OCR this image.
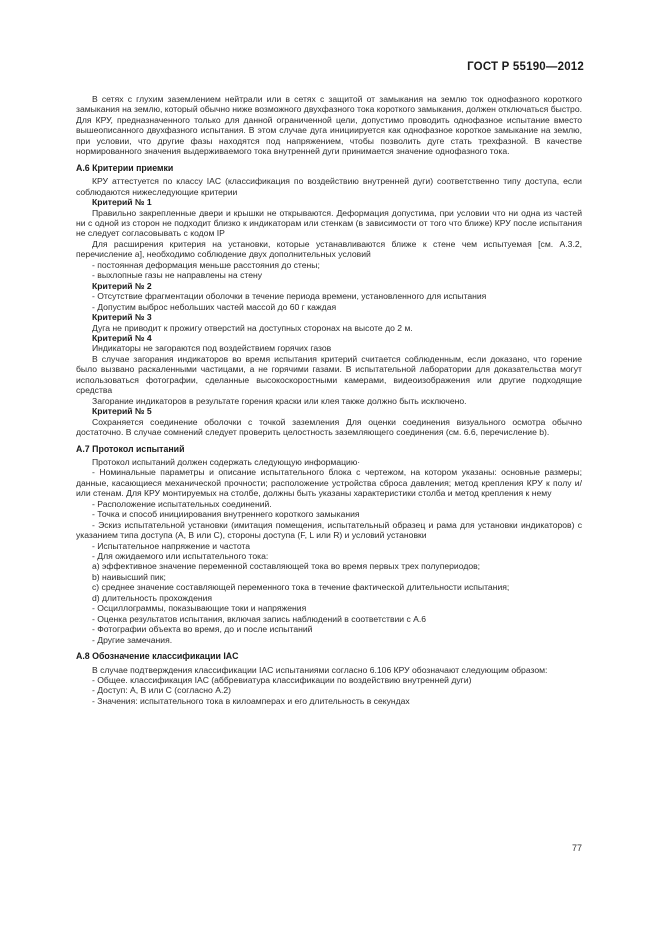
ГОСТ Р 55190—2012

В сетях с глухим заземлением нейтрали или в сетях с защитой от замыкания на землю ток однофазного короткого замыкания на землю, который обычно ниже возможного двухфазного тока короткого замыкания, должен отключаться быстро. Для КРУ, предназначенного только для данной ограниченной цели, допустимо проводить однофазное испытание вместо вышеописанного двухфазного испытания. В этом случае дуга инициируется как однофазное короткое замыкание на землю, при условии, что другие фазы находятся под напряжением, чтобы позволить дуге стать трехфазной. В качестве нормированного значения выдерживаемого тока внутренней дуги принимается значение однофазного тока.

А.6 Критерии приемки

КРУ аттестуется по классу IAC (классификация по воздействию внутренней дуги) соответственно типу доступа, если соблюдаются нижеследующие критерии

Критерий № 1

Правильно закрепленные двери и крышки не открываются. Деформация допустима, при условии что ни одна из частей ни с одной из сторон не подходит близко к индикаторам или стенкам (в зависимости от того что ближе) КРУ после испытания не следует согласовывать с кодом IP

Для расширения критерия на установки, которые устанавливаются ближе к стене чем испытуемая [см. А.3.2, перечисление а], необходимо соблюдение двух дополнительных условий

- постоянная деформация меньше расстояния до стены;

- выхлопные газы не направлены на стену

Критерий № 2

- Отсутствие фрагментации оболочки в течение периода времени, установленного для испытания

- Допустим выброс небольших частей массой до 60 г каждая

Критерий № 3

Дуга не приводит к прожигу отверстий на доступных сторонах на высоте до 2 м.

Критерий № 4

Индикаторы не загораются под воздействием горячих газов

В случае загорания индикаторов во время испытания критерий считается соблюденным, если доказано, что горение было вызвано раскаленными частицами, а не горячими газами. В испытательной лаборатории для доказательства могут использоваться фотографии, сделанные высокоскоростными камерами, видеоизображения или другие подходящие средства

Загорание индикаторов в результате горения краски или клея также должно быть исключено.

Критерий № 5

Сохраняется соединение оболочки с точкой заземления Для оценки соединения визуального осмотра обычно достаточно. В случае сомнений следует проверить целостность заземляющего соединения (см. 6.6, перечисление b).

А.7 Протокол испытаний

Протокол испытаний должен содержать следующую информацию·

- Номинальные параметры и описание испытательного блока с чертежом, на котором указаны: основные размеры; данные, касающиеся механической прочности; расположение устройства сброса давления; метод крепления КРУ к полу и/или стенам. Для КРУ монтируемых на столбе, должны быть указаны характеристики столба и метод крепления к нему

- Расположение испытательных соединений.

- Точка и способ инициирования внутреннего короткого замыкания

- Эскиз испытательной установки (имитация помещения, испытательный образец и рама для установки индикаторов) с указанием типа доступа (А, В или С), стороны доступа (F, L или R) и условий установки

- Испытательное напряжение и частота

- Для ожидаемого или испытательного тока:

а) эффективное значение переменной составляющей тока во время первых трех полупериодов;

b) наивысший пик;

с) среднее значение составляющей переменного тока в течение фактической длительности испытания;

d) длительность прохождения

- Осциллограммы, показывающие токи и напряжения

- Оценка результатов испытания, включая запись наблюдений в соответствии с А.6

- Фотографии объекта во время, до и после испытаний

- Другие замечания.

А.8 Обозначение классификации IAC

В случае подтверждения классификации IAC испытаниями согласно 6.106 КРУ обозначают следующим образом:

- Общее. классификация IAC (аббревиатура классификации по воздействию внутренней дуги)

- Доступ: А, В или С (согласно А.2)

- Значения: испытательного тока в килоамперах и его длительность в секундах

77
